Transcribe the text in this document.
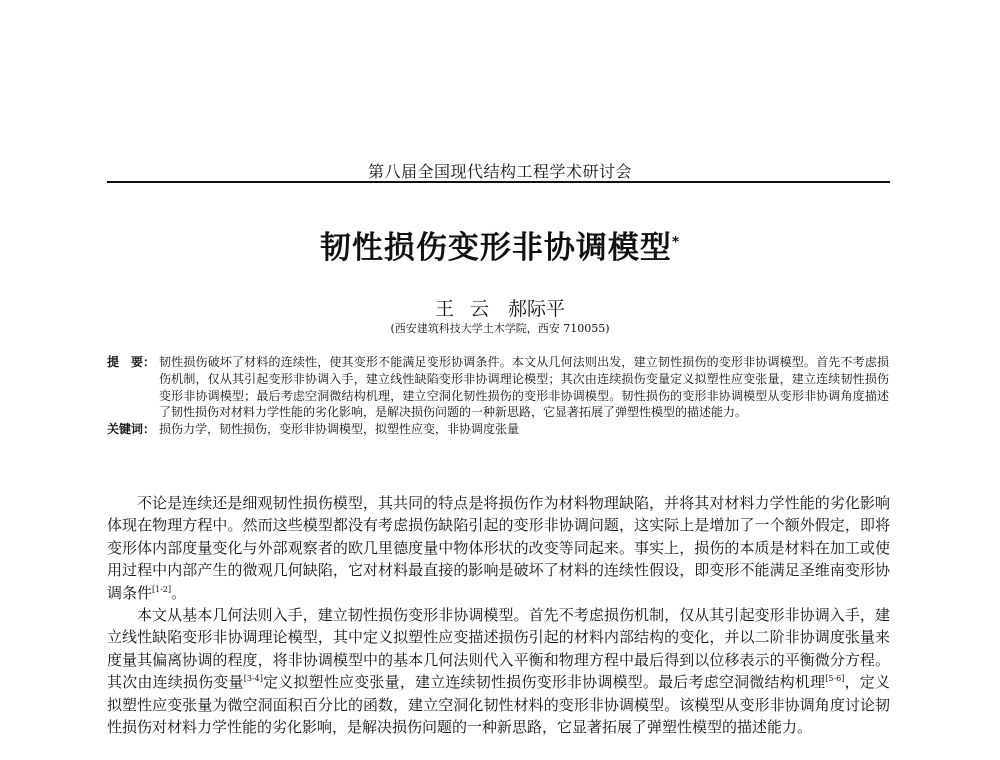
第八届全国现代结构工程学术研讨会
韧性损伤变形非协调模型*
王 云　郝际平
(西安建筑科技大学土木学院，西安 710055)
提　要： 韧性损伤破坏了材料的连续性，使其变形不能满足变形协调条件。本文从几何法则出发，建立韧性损伤的变形非协调模型。首先不考虑损伤机制，仅从其引起变形非协调入手，建立线性缺陷变形非协调理论模型；其次由连续损伤变量定义拟塑性应变张量，建立连续韧性损伤变形非协调模型；最后考虑空洞微结构机理，建立空洞化韧性损伤的变形非协调模型。韧性损伤的变形非协调模型从变形非协调角度描述了韧性损伤对材料力学性能的劣化影响，是解决损伤问题的一种新思路，它显著拓展了弹塑性模型的描述能力。
关键词： 损伤力学，韧性损伤，变形非协调模型，拟塑性应变，非协调度张量

不论是连续还是细观韧性损伤模型，其共同的特点是将损伤作为材料物理缺陷，并将其对材料力学性能的劣化影响体现在物理方程中。然而这些模型都没有考虑损伤缺陷引起的变形非协调问题，这实际上是增加了一个额外假定，即将变形体内部度量变化与外部观察者的欧几里德度量中物体形状的改变等同起来。事实上，损伤的本质是材料在加工或使用过程中内部产生的微观几何缺陷，它对材料最直接的影响是破坏了材料的连续性假设，即变形不能满足圣维南变形协调条件[1-2]。

本文从基本几何法则入手，建立韧性损伤变形非协调模型。首先不考虑损伤机制，仅从其引起变形非协调入手，建立线性缺陷变形非协调理论模型，其中定义拟塑性应变描述损伤引起的材料内部结构的变化，并以二阶非协调度张量来度量其偏离协调的程度，将非协调模型中的基本几何法则代入平衡和物理方程中最后得到以位移表示的平衡微分方程。其次由连续损伤变量[3-4]定义拟塑性应变张量，建立连续韧性损伤变形非协调模型。最后考虑空洞微结构机理[5-6]，定义拟塑性应变张量为微空洞面积百分比的函数，建立空洞化韧性材料的变形非协调模型。该模型从变形非协调角度讨论韧性损伤对材料力学性能的劣化影响，是解决损伤问题的一种新思路，它显著拓展了弹塑性模型的描述能力。
